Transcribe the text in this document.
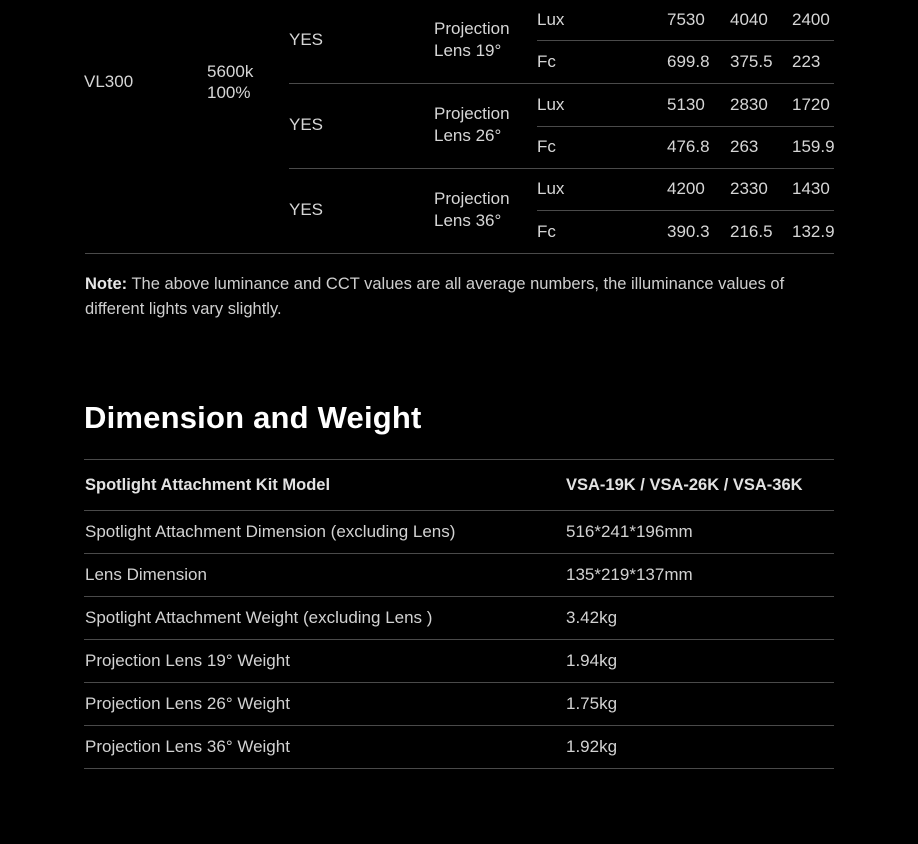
VL300
5600k
100%
YES
Projection
Lens 19°
Lux	7530 4040 2400
Fc	699.8 375.5 223
YES
Projection
Lens 26°
Lux	5130 2830 1720
Fc	476.8 263 159.9
YES
Projection
Lens 36°
Lux	4200 2330 1430
Fc	390.3 216.5 132.9
Note: The above luminance and CCT values are all average numbers, the illuminance values of different lights vary slightly.
Dimension and Weight
Spotlight Attachment Kit Model	VSA-19K / VSA-26K / VSA-36K
Spotlight Attachment Dimension (excluding Lens)	516*241*196mm
Lens Dimension	135*219*137mm
Spotlight Attachment Weight (excluding Lens )	3.42kg
Projection Lens 19° Weight	1.94kg
Projection Lens 26° Weight	1.75kg
Projection Lens 36° Weight	1.92kg
